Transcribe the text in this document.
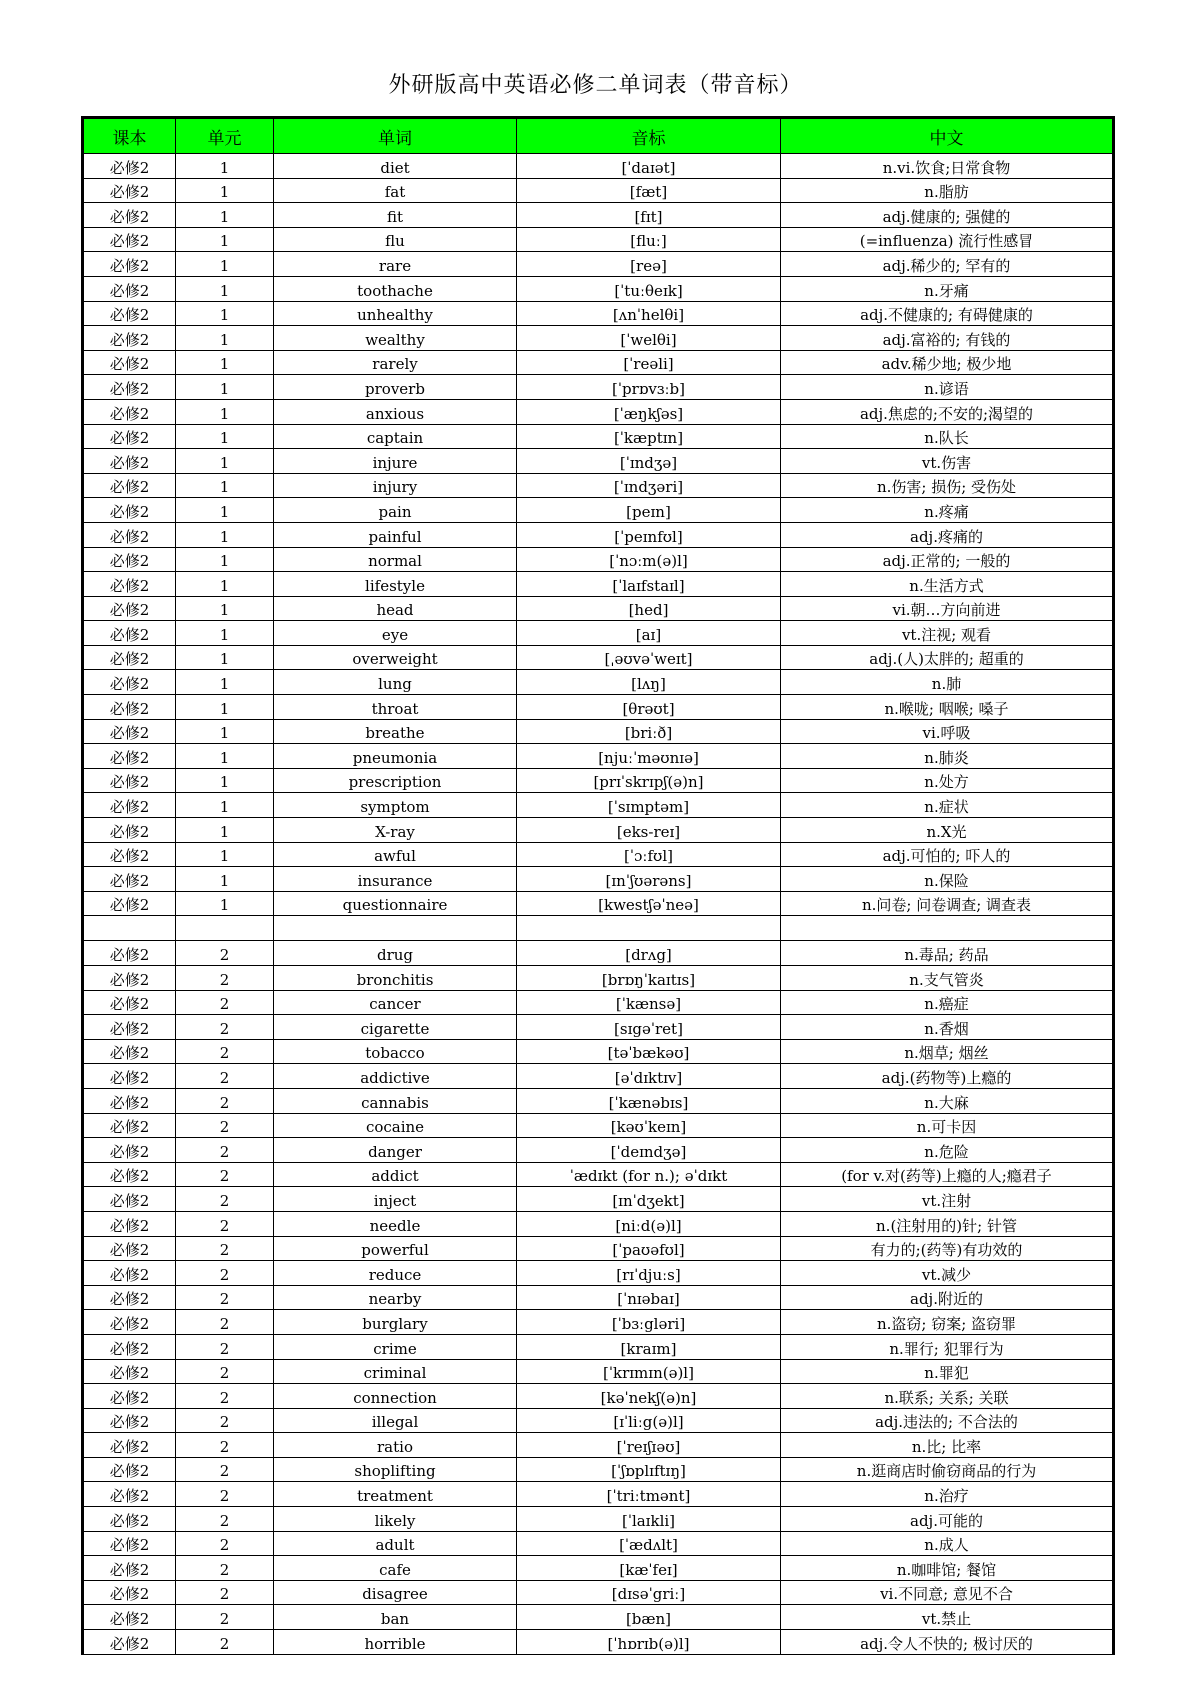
外研版高中英语必修二单词表（带音标）
课本	单元	单词	音标	中文
必修2	1	diet	[ˈdaɪət]	n.vi.饮食;日常食物
必修2	1	fat	[fæt]	n.脂肪
必修2	1	fit	[fɪt]	adj.健康的; 强健的
必修2	1	flu	[fluː]	(=influenza) 流行性感冒
必修2	1	rare	[reə]	adj.稀少的; 罕有的
必修2	1	toothache	[ˈtuːθeɪk]	n.牙痛
必修2	1	unhealthy	[ʌnˈhelθi]	adj.不健康的; 有碍健康的
必修2	1	wealthy	[ˈwelθi]	adj.富裕的; 有钱的
必修2	1	rarely	[ˈreəli]	adv.稀少地; 极少地
必修2	1	proverb	[ˈprɒvɜːb]	n.谚语
必修2	1	anxious	[ˈæŋkʃəs]	adj.焦虑的;不安的;渴望的
必修2	1	captain	[ˈkæptɪn]	n.队长
必修2	1	injure	[ˈɪndʒə]	vt.伤害
必修2	1	injury	[ˈɪndʒəri]	n.伤害; 损伤; 受伤处
必修2	1	pain	[peɪn]	n.疼痛
必修2	1	painful	[ˈpeɪnfʊl]	adj.疼痛的
必修2	1	normal	[ˈnɔːm(ə)l]	adj.正常的; 一般的
必修2	1	lifestyle	[ˈlaɪfstaɪl]	n.生活方式
必修2	1	head	[hed]	vi.朝…方向前进
必修2	1	eye	[aɪ]	vt.注视; 观看
必修2	1	overweight	[ˌəʊvəˈweɪt]	adj.(人)太胖的; 超重的
必修2	1	lung	[lʌŋ]	n.肺
必修2	1	throat	[θrəʊt]	n.喉咙; 咽喉; 嗓子
必修2	1	breathe	[briːð]	vi.呼吸
必修2	1	pneumonia	[njuːˈməʊnɪə]	n.肺炎
必修2	1	prescription	[prɪˈskrɪpʃ(ə)n]	n.处方
必修2	1	symptom	[ˈsɪmptəm]	n.症状
必修2	1	X-ray	[eks-reɪ]	n.X光
必修2	1	awful	[ˈɔːfʊl]	adj.可怕的; 吓人的
必修2	1	insurance	[ɪnˈʃʊərəns]	n.保险
必修2	1	questionnaire	[kwestʃəˈneə]	n.问卷; 问卷调查; 调查表

必修2	2	drug	[drʌg]	n.毒品; 药品
必修2	2	bronchitis	[brɒŋˈkaɪtɪs]	n.支气管炎
必修2	2	cancer	[ˈkænsə]	n.癌症
必修2	2	cigarette	[sɪgəˈret]	n.香烟
必修2	2	tobacco	[təˈbækəʊ]	n.烟草; 烟丝
必修2	2	addictive	[əˈdɪktɪv]	adj.(药物等)上瘾的
必修2	2	cannabis	[ˈkænəbɪs]	n.大麻
必修2	2	cocaine	[kəʊˈkeɪn]	n.可卡因
必修2	2	danger	[ˈdeɪndʒə]	n.危险
必修2	2	addict	ˈædɪkt (for n.); əˈdɪkt	(for v.对(药等)上瘾的人;瘾君子
必修2	2	inject	[ɪnˈdʒekt]	vt.注射
必修2	2	needle	[niːd(ə)l]	n.(注射用的)针; 针管
必修2	2	powerful	[ˈpaʊəfʊl]	有力的;(药等)有功效的
必修2	2	reduce	[rɪˈdjuːs]	vt.减少
必修2	2	nearby	[ˈnɪəbaɪ]	adj.附近的
必修2	2	burglary	[ˈbɜːgləri]	n.盗窃; 窃案; 盗窃罪
必修2	2	crime	[kraɪm]	n.罪行; 犯罪行为
必修2	2	criminal	[ˈkrɪmɪn(ə)l]	n.罪犯
必修2	2	connection	[kəˈnekʃ(ə)n]	n.联系; 关系; 关联
必修2	2	illegal	[ɪˈliːg(ə)l]	adj.违法的; 不合法的
必修2	2	ratio	[ˈreɪʃɪəʊ]	n.比; 比率
必修2	2	shoplifting	[ˈʃɒplɪftɪŋ]	n.逛商店时偷窃商品的行为
必修2	2	treatment	[ˈtriːtmənt]	n.治疗
必修2	2	likely	[ˈlaɪkli]	adj.可能的
必修2	2	adult	[ˈædʌlt]	n.成人
必修2	2	cafe	[kæˈfeɪ]	n.咖啡馆; 餐馆
必修2	2	disagree	[dɪsəˈgriː]	vi.不同意; 意见不合
必修2	2	ban	[bæn]	vt.禁止
必修2	2	horrible	[ˈhɒrɪb(ə)l]	adj.令人不快的; 极讨厌的
